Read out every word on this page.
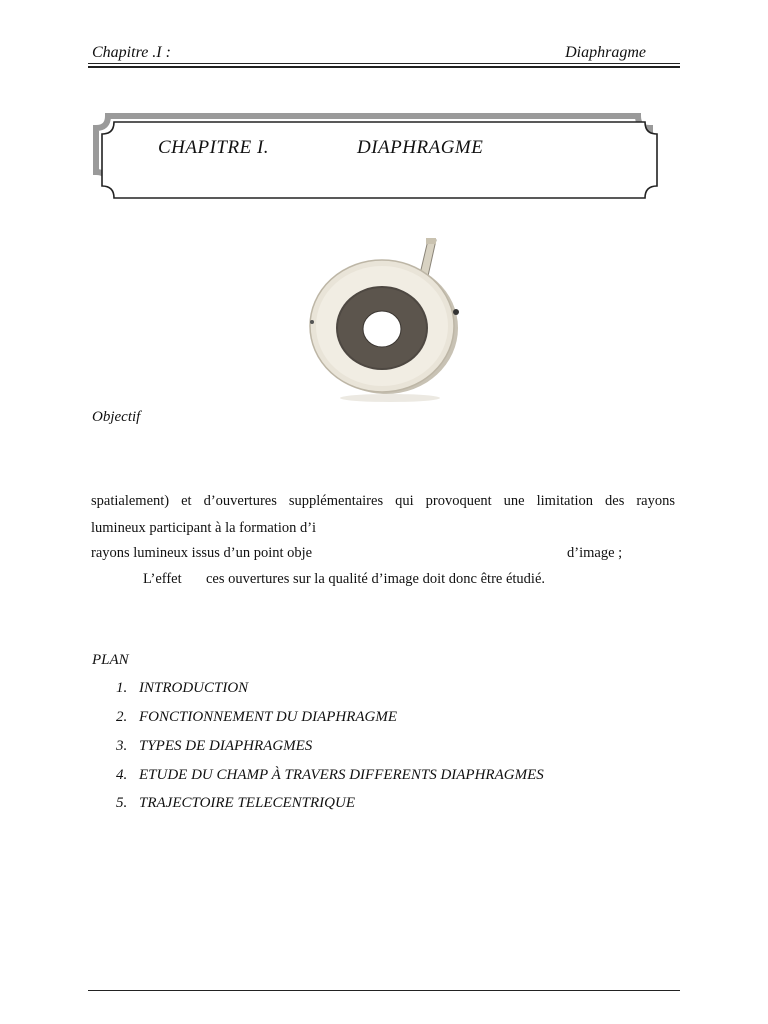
Chapitre .I :	Diaphragme
CHAPITRE I.	DIAPHRAGME
Objectif
spatialement) et d’ouvertures supplémentaires qui provoquent une limitation des rayons
lumineux participant à la formation d’i
rayons lumineux issus d’un point obje	d’image ;
L’effet ces ouvertures sur la qualité d’image doit donc être étudié.
PLAN
1. INTRODUCTION
2. FONCTIONNEMENT DU DIAPHRAGME
3. TYPES DE DIAPHRAGMES
4. ETUDE DU CHAMP À TRAVERS DIFFERENTS DIAPHRAGMES
5. TRAJECTOIRE TELECENTRIQUE
